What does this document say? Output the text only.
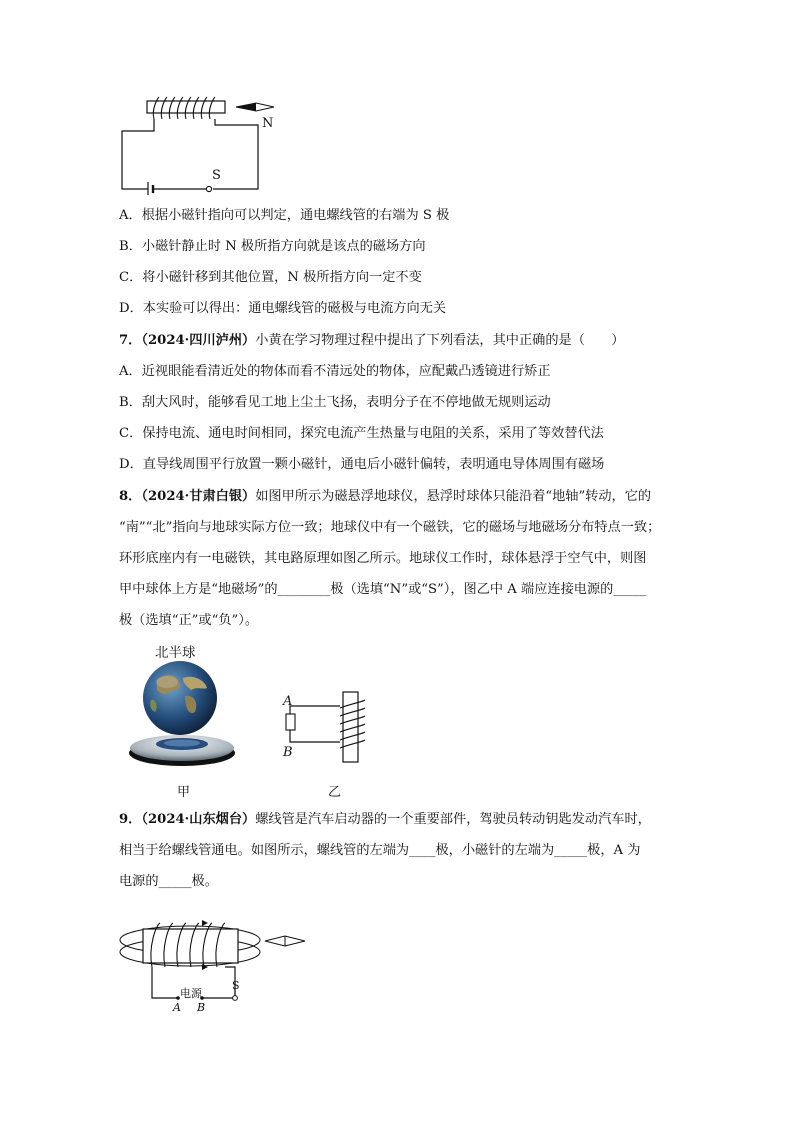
N
S
A．根据小磁针指向可以判定，通电螺线管的右端为 S 极
B．小磁针静止时 N 极所指方向就是该点的磁场方向
C．将小磁针移到其他位置，N 极所指方向一定不变
D．本实验可以得出：通电螺线管的磁极与电流方向无关
7．（2024·四川泸州）小黄在学习物理过程中提出了下列看法，其中正确的是（　　）
A．近视眼能看清近处的物体而看不清远处的物体，应配戴凸透镜进行矫正
B．刮大风时，能够看见工地上尘土飞扬，表明分子在不停地做无规则运动
C．保持电流、通电时间相同，探究电流产生热量与电阻的关系，采用了等效替代法
D．直导线周围平行放置一颗小磁针，通电后小磁针偏转，表明通电导体周围有磁场
8．（2024·甘肃白银）如图甲所示为磁悬浮地球仪，悬浮时球体只能沿着“地轴”转动，它的
“南”“北”指向与地球实际方位一致；地球仪中有一个磁铁，它的磁场与地磁场分布特点一致；
环形底座内有一电磁铁，其电路原理如图乙所示。地球仪工作时，球体悬浮于空气中，则图
甲中球体上方是“地磁场”的________极（选填“N”或“S”），图乙中 A 端应连接电源的_____
极（选填“正”或“负”）。
北半球
甲
A
B
乙
9．（2024·山东烟台）螺线管是汽车启动器的一个重要部件，驾驶员转动钥匙发动汽车时，
相当于给螺线管通电。如图所示，螺线管的左端为____极，小磁针的左端为_____极，A 为
电源的_____极。
电源
S
A B
